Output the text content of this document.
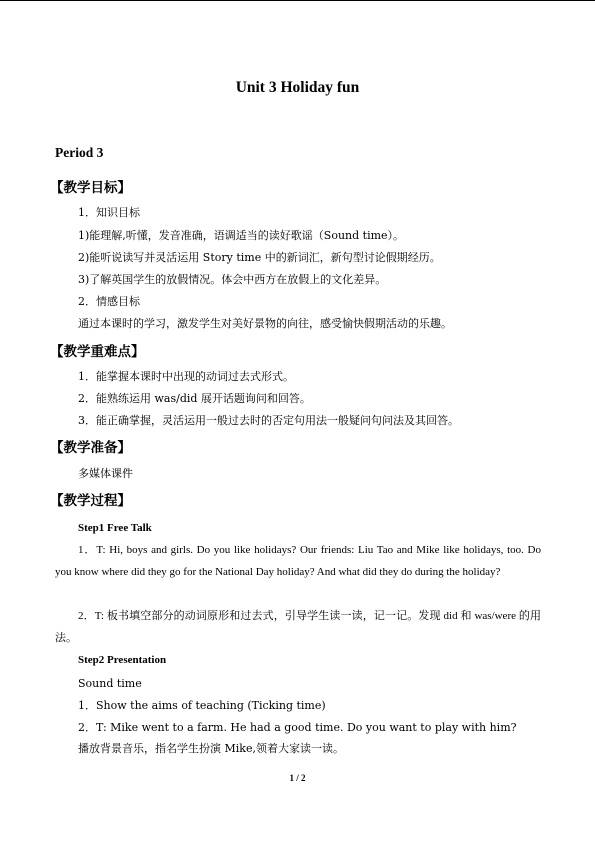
Unit 3 Holiday fun
Period 3
【教学目标】
1．知识目标
1)能理解,听懂，发音准确，语调适当的读好歌谣（Sound time）。
2)能听说读写并灵活运用 Story time 中的新词汇，新句型讨论假期经历。
3)了解英国学生的放假情况。体会中西方在放假上的文化差异。
2．情感目标
通过本课时的学习，激发学生对美好景物的向往，感受愉快假期活动的乐趣。
【教学重难点】
1．能掌握本课时中出现的动词过去式形式。
2．能熟练运用 was/did 展开话题询问和回答。
3．能正确掌握，灵活运用一般过去时的否定句用法一般疑问句问法及其回答。
【教学准备】
多媒体课件
【教学过程】
Step1 Free Talk
1．T: Hi, boys and girls. Do you like holidays? Our friends: Liu Tao and Mike like holidays, too. Do you know where did they go for the National Day holiday? And what did they do during the holiday?
2．T: 板书填空部分的动词原形和过去式，引导学生读一读，记一记。发现 did 和 was/were 的用法。
Step2 Presentation
Sound time
1．Show the aims of teaching (Ticking time)
2．T: Mike went to a farm. He had a good time. Do you want to play with him?
播放背景音乐，指名学生扮演 Mike,领着大家读一读。
1 / 2
